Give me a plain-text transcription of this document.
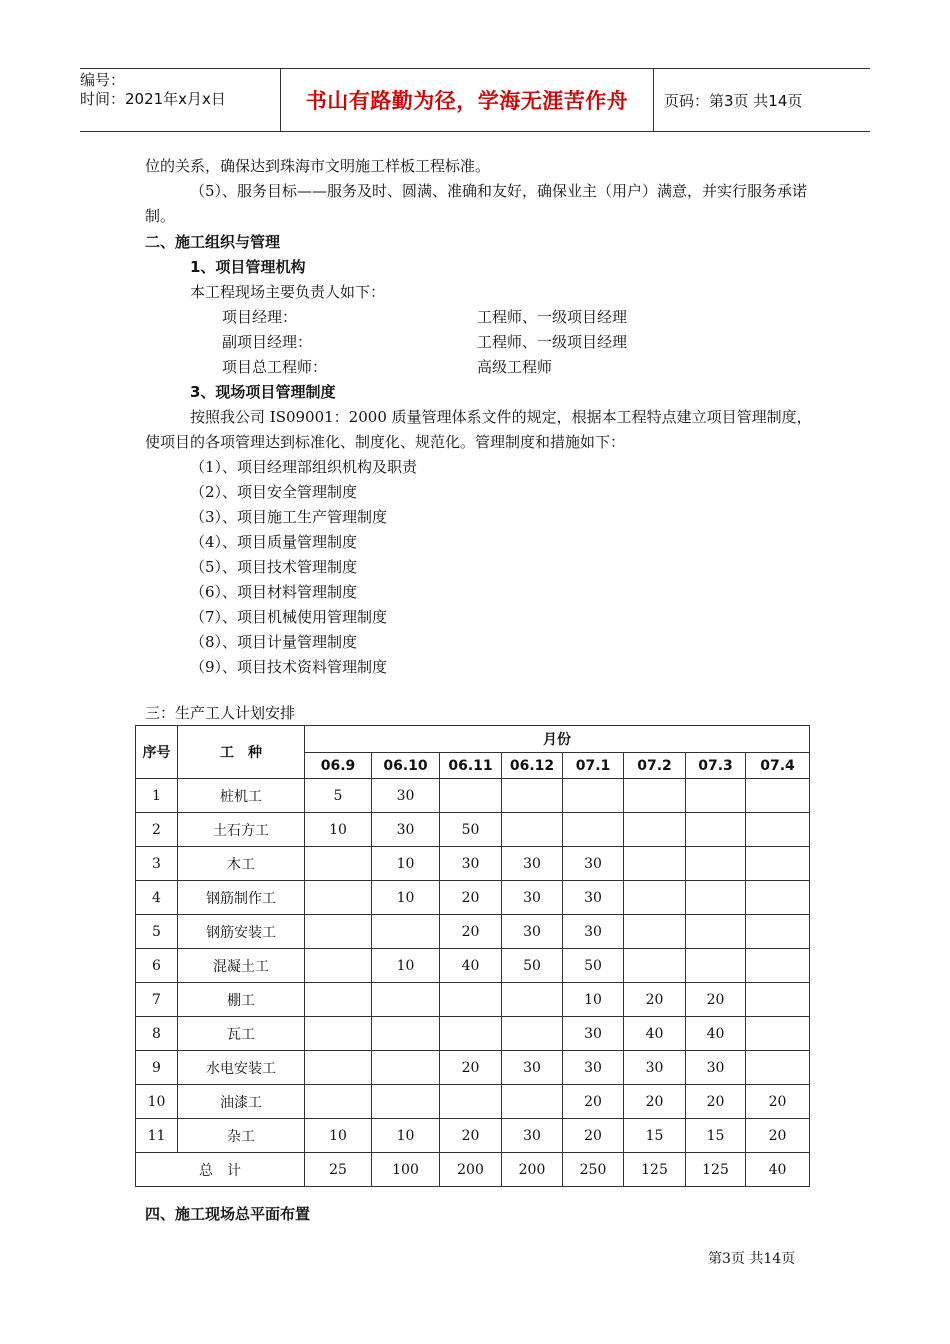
编号：
时间：2021年x月x日	书山有路勤为径，学海无涯苦作舟	页码：第3页 共14页
位的关系，确保达到珠海市文明施工样板工程标准。
（5）、服务目标——服务及时、圆满、准确和友好，确保业主（用户）满意，并实行服务承诺
制。
二、施工组织与管理
1、项目管理机构
本工程现场主要负责人如下：
项目经理：	工程师、一级项目经理
副项目经理：	工程师、一级项目经理
项目总工程师：	高级工程师
3、现场项目管理制度
按照我公司 IS09001：2000 质量管理体系文件的规定，根据本工程特点建立项目管理制度，
使项目的各项管理达到标准化、制度化、规范化。管理制度和措施如下：
（1）、项目经理部组织机构及职责
（2）、项目安全管理制度
（3）、项目施工生产管理制度
（4）、项目质量管理制度
（5）、项目技术管理制度
（6）、项目材料管理制度
（7）、项目机械使用管理制度
（8）、项目计量管理制度
（9）、项目技术资料管理制度
三：生产工人计划安排
序号	工　种	月份							
		06.9	06.10	06.11	06.12	07.1	07.2	07.3	07.4
1	桩机工	5	30						
2	土石方工	10	30	50					
3	木工		10	30	30	30			
4	钢筋制作工		10	20	30	30			
5	钢筋安装工			20	30	30			
6	混凝土工		10	40	50	50			
7	棚工					10	20	20	
8	瓦工					30	40	40	
9	水电安装工			20	30	30	30	30	
10	油漆工					20	20	20	20
11	杂工	10	10	20	30	20	15	15	20
总　计		25	100	200	200	250	125	125	40
四、施工现场总平面布置
第3页 共14页
